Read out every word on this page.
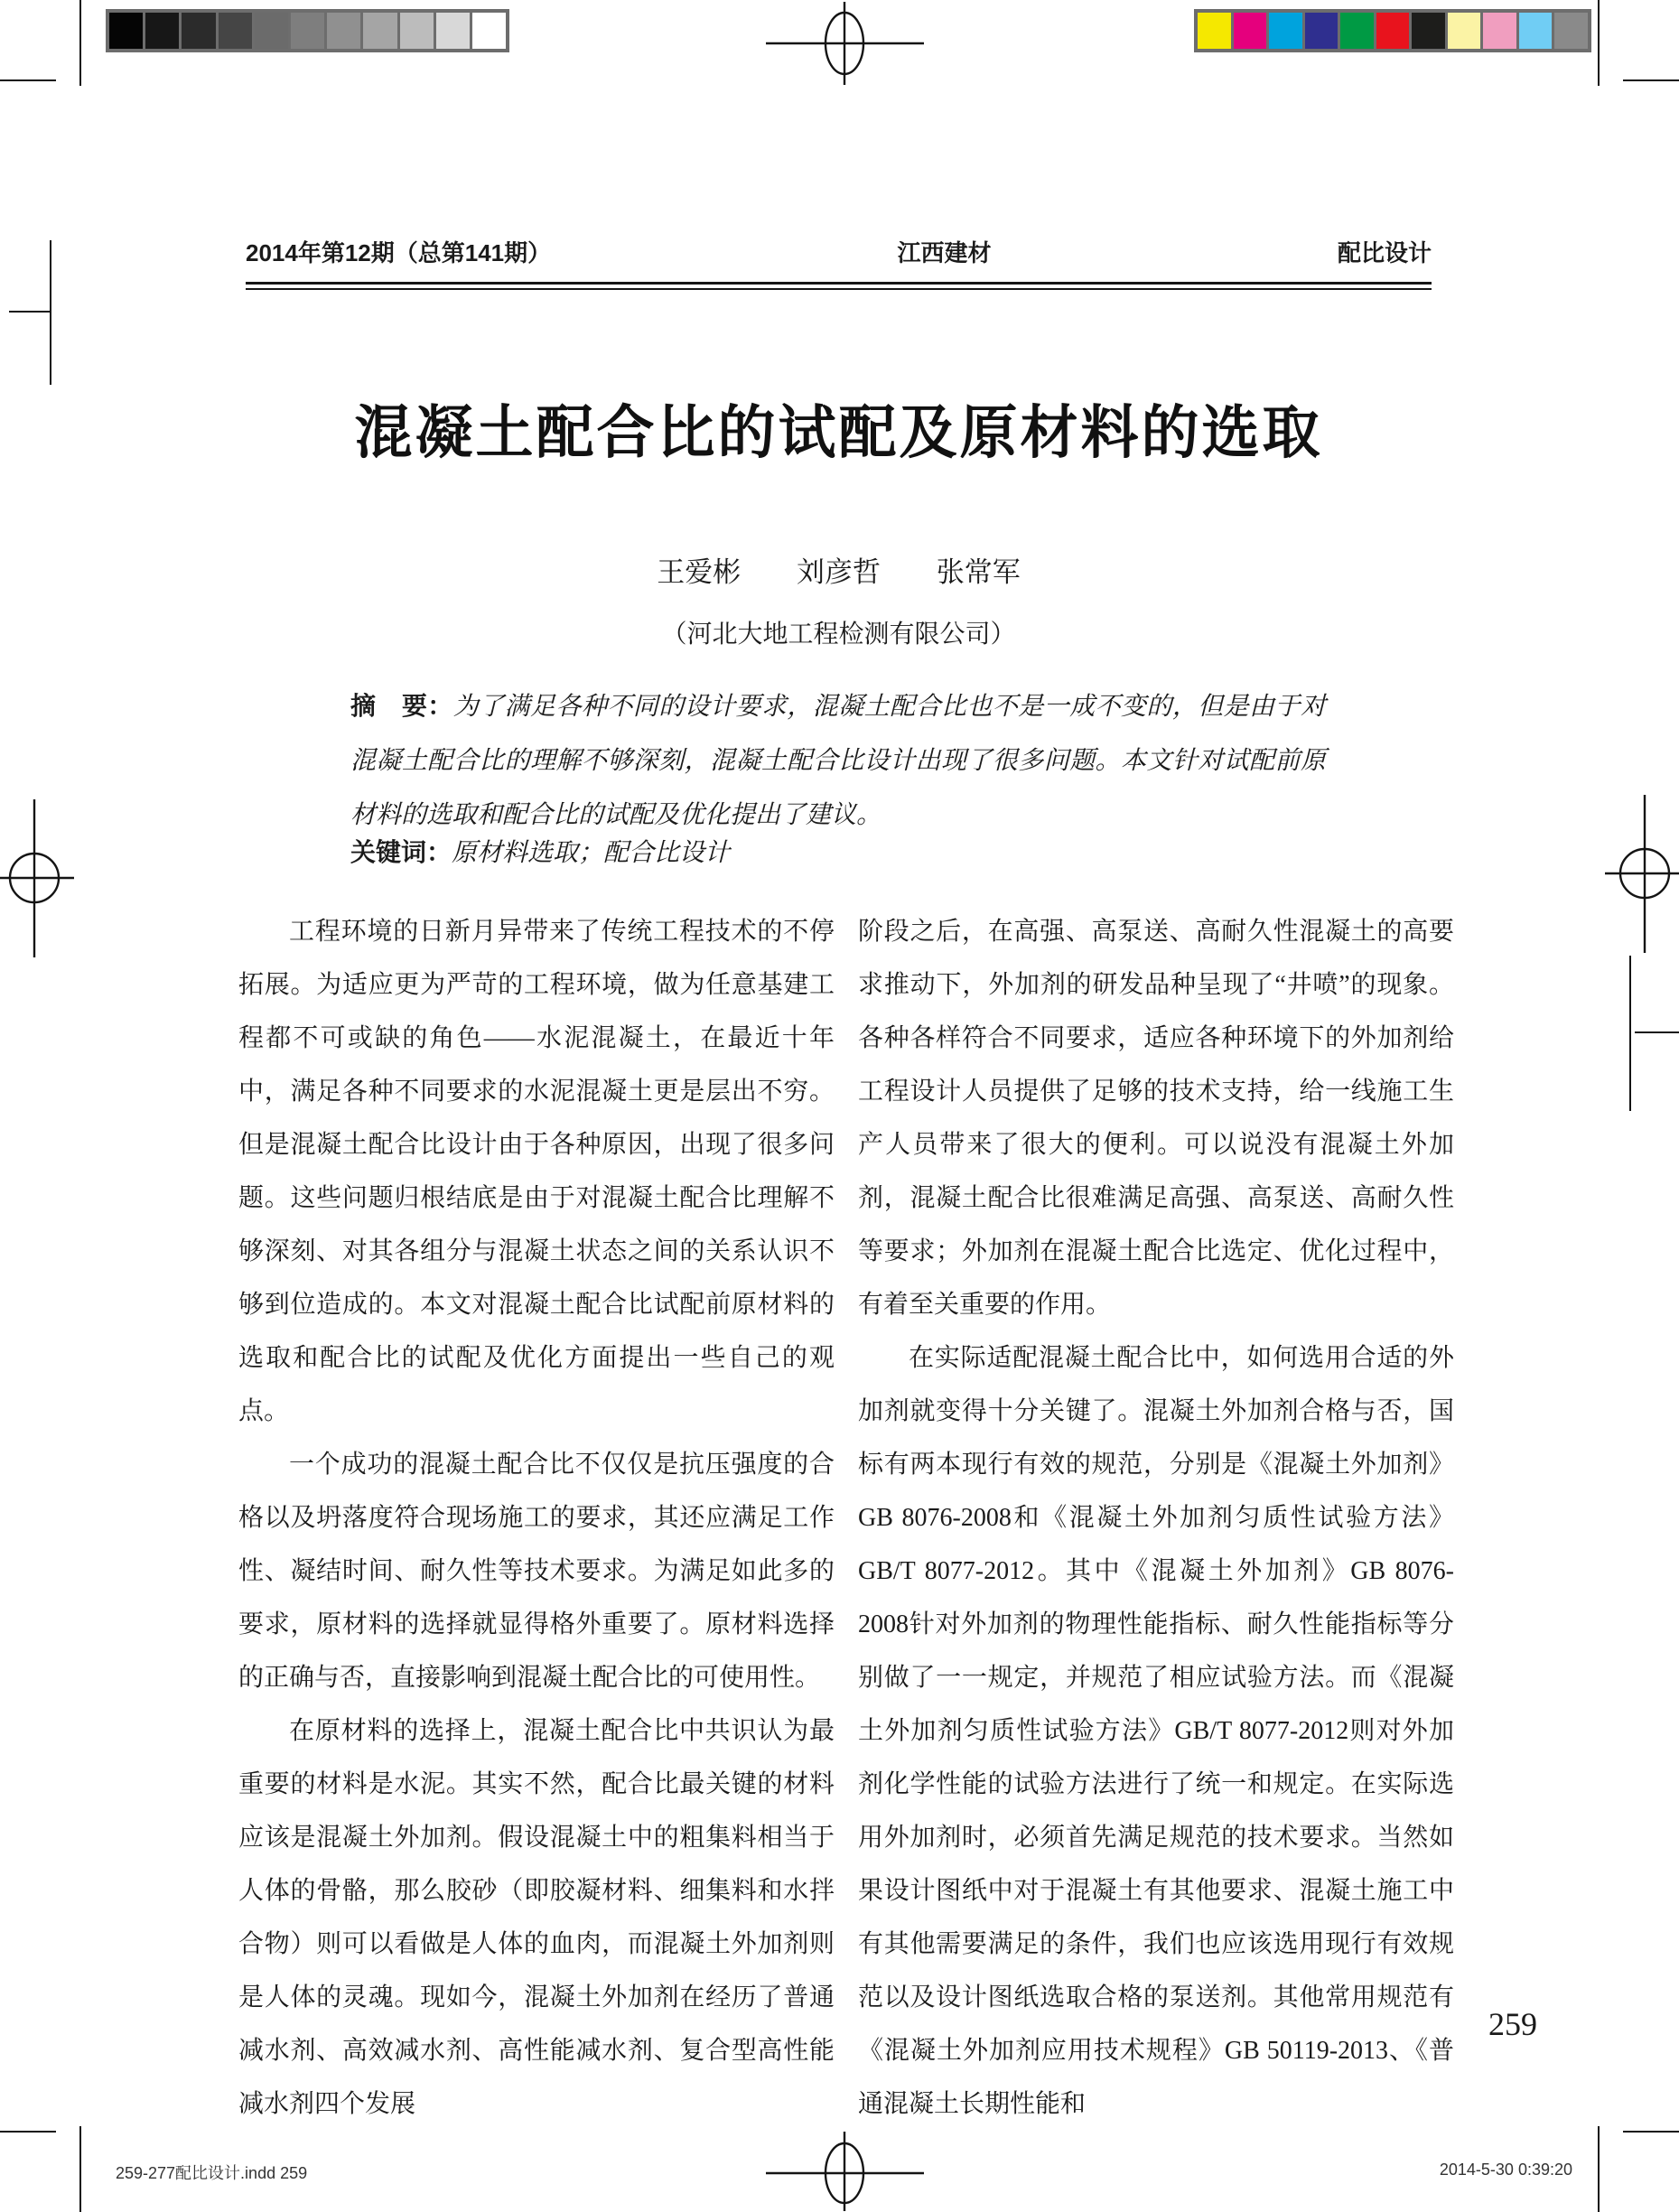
2014年第12期（总第141期）	江西建材	配比设计
混凝土配合比的试配及原材料的选取
王爱彬 刘彦哲 张常军
（河北大地工程检测有限公司）
摘　要：为了满足各种不同的设计要求，混凝土配合比也不是一成不变的，但是由于对混凝土配合比的理解不够深刻，混凝土配合比设计出现了很多问题。本文针对试配前原材料的选取和配合比的试配及优化提出了建议。
关键词：原材料选取；配合比设计

工程环境的日新月异带来了传统工程技术的不停拓展。为适应更为严苛的工程环境，做为任意基建工程都不可或缺的角色——水泥混凝土，在最近十年中，满足各种不同要求的水泥混凝土更是层出不穷。但是混凝土配合比设计由于各种原因，出现了很多问题。这些问题归根结底是由于对混凝土配合比理解不够深刻、对其各组分与混凝土状态之间的关系认识不够到位造成的。本文对混凝土配合比试配前原材料的选取和配合比的试配及优化方面提出一些自己的观点。

一个成功的混凝土配合比不仅仅是抗压强度的合格以及坍落度符合现场施工的要求，其还应满足工作性、凝结时间、耐久性等技术要求。为满足如此多的要求，原材料的选择就显得格外重要了。原材料选择的正确与否，直接影响到混凝土配合比的可使用性。

在原材料的选择上，混凝土配合比中共识认为最重要的材料是水泥。其实不然，配合比最关键的材料应该是混凝土外加剂。假设混凝土中的粗集料相当于人体的骨骼，那么胶砂（即胶凝材料、细集料和水拌合物）则可以看做是人体的血肉，而混凝土外加剂则是人体的灵魂。现如今，混凝土外加剂在经历了普通减水剂、高效减水剂、高性能减水剂、复合型高性能减水剂四个发展

阶段之后，在高强、高泵送、高耐久性混凝土的高要求推动下，外加剂的研发品种呈现了“井喷”的现象。各种各样符合不同要求，适应各种环境下的外加剂给工程设计人员提供了足够的技术支持，给一线施工生产人员带来了很大的便利。可以说没有混凝土外加剂，混凝土配合比很难满足高强、高泵送、高耐久性等要求；外加剂在混凝土配合比选定、优化过程中，有着至关重要的作用。

在实际适配混凝土配合比中，如何选用合适的外加剂就变得十分关键了。混凝土外加剂合格与否，国标有两本现行有效的规范，分别是《混凝土外加剂》GB 8076-2008和《混凝土外加剂匀质性试验方法》GB/T 8077-2012。其中《混凝土外加剂》GB 8076-2008针对外加剂的物理性能指标、耐久性能指标等分别做了一一规定，并规范了相应试验方法。而《混凝土外加剂匀质性试验方法》GB/T 8077-2012则对外加剂化学性能的试验方法进行了统一和规定。在实际选用外加剂时，必须首先满足规范的技术要求。当然如果设计图纸中对于混凝土有其他要求、混凝土施工中有其他需要满足的条件，我们也应该选用现行有效规范以及设计图纸选取合格的泵送剂。其他常用规范有《混凝土外加剂应用技术规程》GB 50119-2013、《普通混凝土长期性能和

259
259-277配比设计.indd 259	2014-5-30 0:39:20
